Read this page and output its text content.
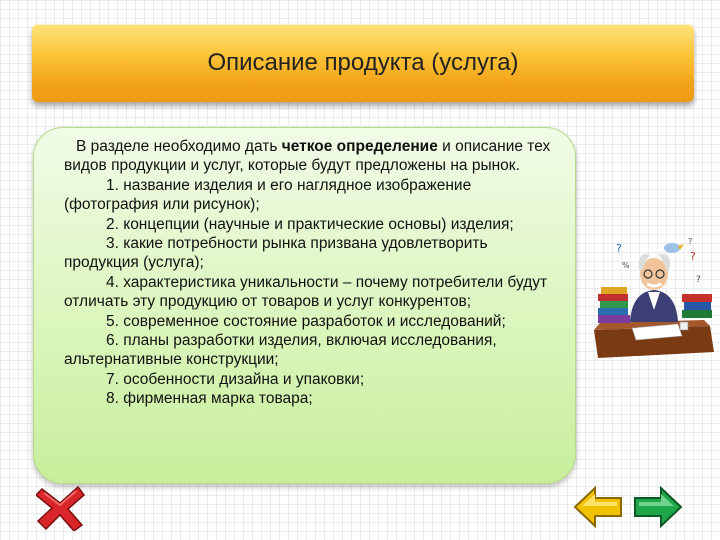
Описание продукта (услуга)

В разделе необходимо дать четкое определение и описание тех видов продукции и услуг, которые будут предложены на рынок.

1. название изделия и его наглядное изображение (фотография или рисунок);

2. концепции (научные и практические основы) изделия;

3. какие потребности рынка призвана удовлетворить продукция (услуга);

4. характеристика уникальности – почему потребители будут отличать эту продукцию от товаров и услуг конкурентов;

5. современное состояние разработок и исследований;

6. планы разработки изделия, включая исследования, альтернативные конструкции;

7. особенности дизайна и упаковки;

8. фирменная марка товара;

?
?
?
%
?
